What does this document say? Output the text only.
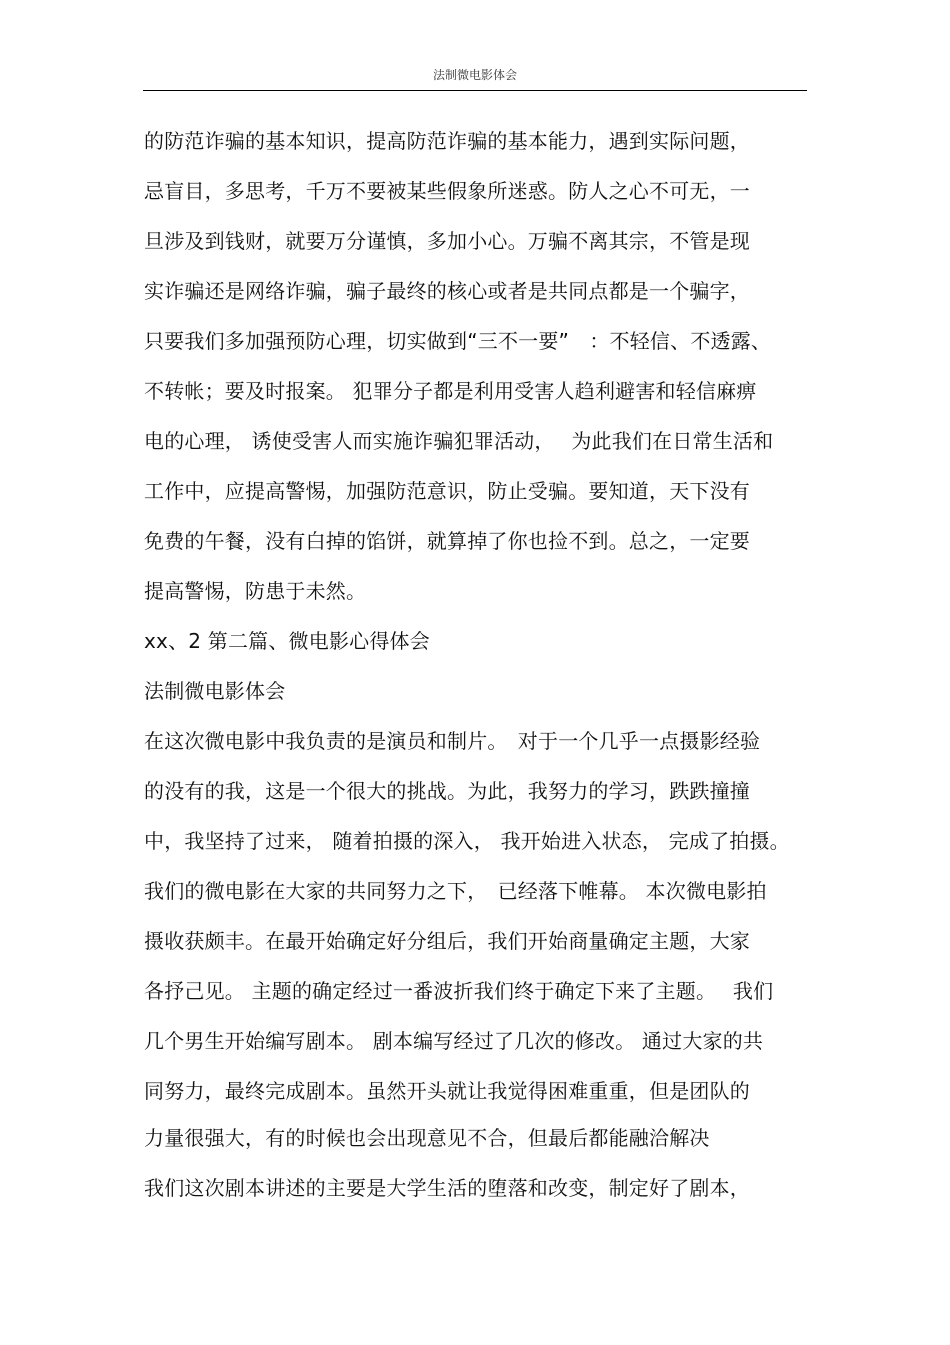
法制微电影体会
的防范诈骗的基本知识，提高防范诈骗的基本能力，遇到实际问题，
忌盲目，多思考，千万不要被某些假象所迷惑。防人之心不可无，一
旦涉及到钱财，就要万分谨慎，多加小心。万骗不离其宗，不管是现
实诈骗还是网络诈骗，骗子最终的核心或者是共同点都是一个骗字，
只要我们多加强预防心理，切实做到“三不一要”　：不轻信、不透露、
不转帐；要及时报案。 犯罪分子都是利用受害人趋利避害和轻信麻痹
电的心理， 诱使受害人而实施诈骗犯罪活动，　 为此我们在日常生活和
工作中，应提高警惕，加强防范意识，防止受骗。要知道，天下没有
免费的午餐，没有白掉的馅饼，就算掉了你也捡不到。总之，一定要
提高警惕，防患于未然。
xx、2 第二篇、微电影心得体会
法制微电影体会
在这次微电影中我负责的是演员和制片。　对于一个几乎一点摄影经验
的没有的我，这是一个很大的挑战。为此，我努力的学习，跌跌撞撞
中，我坚持了过来， 随着拍摄的深入， 我开始进入状态， 完成了拍摄。
我们的微电影在大家的共同努力之下，　已经落下帷幕。 本次微电影拍
摄收获颇丰。在最开始确定好分组后，我们开始商量确定主题，大家
各抒己见。 主题的确定经过一番波折我们终于确定下来了主题。　 我们
几个男生开始编写剧本。 剧本编写经过了几次的修改。 通过大家的共
同努力，最终完成剧本。虽然开头就让我觉得困难重重，但是团队的
力量很强大，有的时候也会出现意见不合，但最后都能融洽解决
我们这次剧本讲述的主要是大学生活的堕落和改变，制定好了剧本，
